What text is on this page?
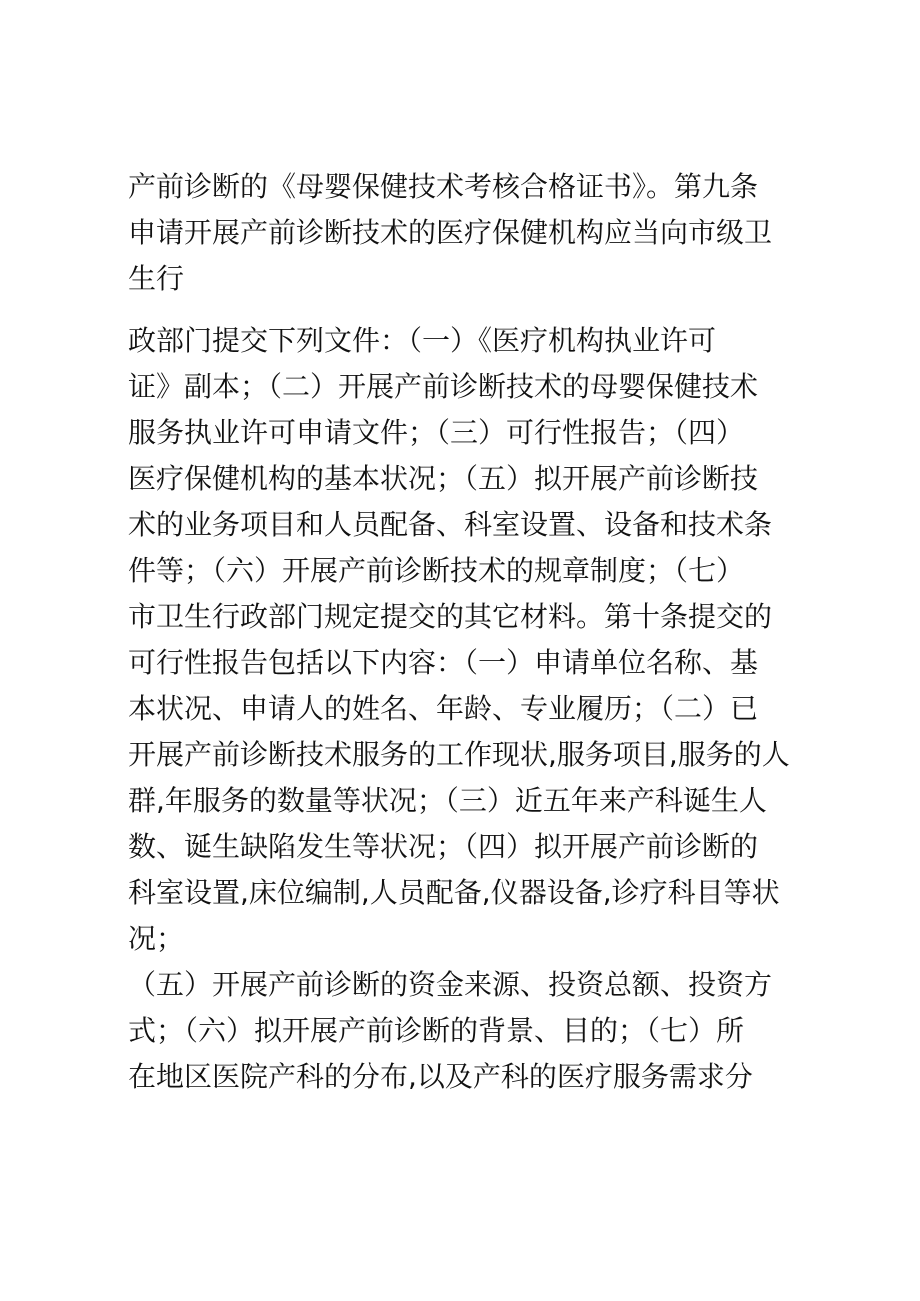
产前诊断的《母婴保健技术考核合格证书》。第九条
申请开展产前诊断技术的医疗保健机构应当向市级卫
生行

政部门提交下列文件：（一）《医疗机构执业许可
证》副本；（二）开展产前诊断技术的母婴保健技术
服务执业许可申请文件；（三）可行性报告；（四）
医疗保健机构的基本状况；（五）拟开展产前诊断技
术的业务项目和人员配备、科室设置、设备和技术条
件等；（六）开展产前诊断技术的规章制度；（七）
市卫生行政部门规定提交的其它材料。第十条提交的
可行性报告包括以下内容：（一）申请单位名称、基
本状况、申请人的姓名、年龄、专业履历；（二）已
开展产前诊断技术服务的工作现状,服务项目,服务的人
群,年服务的数量等状况；（三）近五年来产科诞生人
数、诞生缺陷发生等状况；（四）拟开展产前诊断的
科室设置,床位编制,人员配备,仪器设备,诊疗科目等状
况；
（五）开展产前诊断的资金来源、投资总额、投资方
式；（六）拟开展产前诊断的背景、目的；（七）所
在地区医院产科的分布,以及产科的医疗服务需求分
